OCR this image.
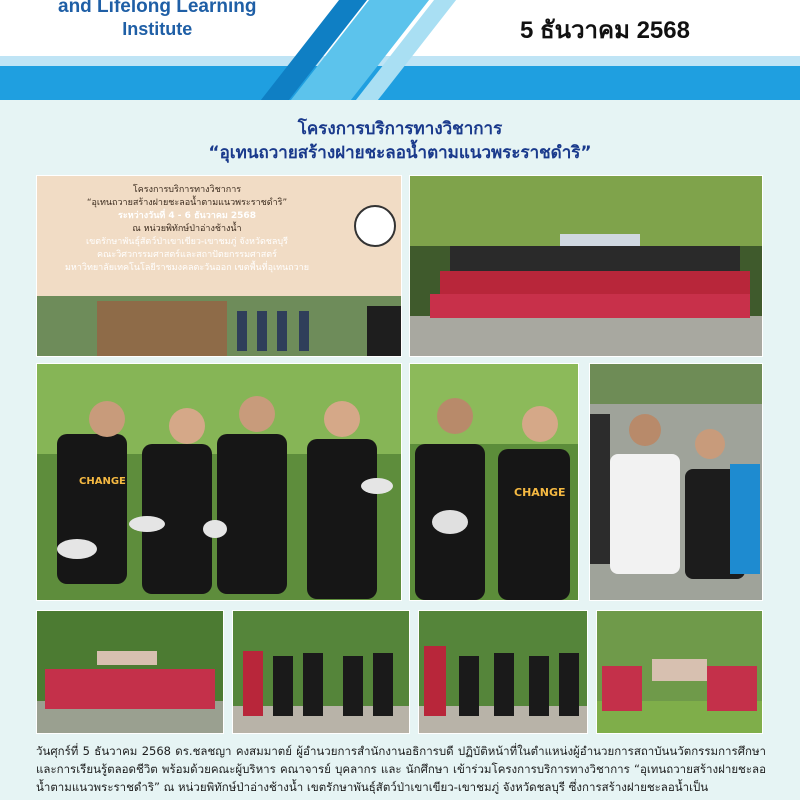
and Lifelong Learning
Institute	5 ธันวาคม 2568
โครงการบริการทางวิชาการ
“อุเทนถวายสร้างฝายชะลอน้ำตามแนวพระราชดำริ”
โครงการบริการทางวิชาการ
“อุเทนถวายสร้างฝายชะลอน้ำตามแนวพระราชดำริ”
ระหว่างวันที่ 4 - 6 ธันวาคม 2568
ณ หน่วยพิทักษ์ป่าอ่างช้างน้ำ
เขตรักษาพันธุ์สัตว์ป่าเขาเขียว-เขาชมภู่ จังหวัดชลบุรี
คณะวิศวกรรมศาสตร์และสถาปัตยกรรมศาสตร์
มหาวิทยาลัยเทคโนโลยีราชมงคลตะวันออก เขตพื้นที่อุเทนถวาย
CHANGE
CHANGE
วันศุกร์ที่ 5 ธันวาคม 2568 ดร.ชลชญา คงสมมาตย์ ผู้อำนวยการสำนักงานอธิการบดี ปฏิบัติหน้าที่ในตำแหน่งผู้อำนวยการสถาบันนวัตกรรมการศึกษาและการเรียนรู้ตลอดชีวิต พร้อมด้วยคณะผู้บริหาร คณาจารย์ บุคลากร และ นักศึกษา เข้าร่วมโครงการบริการทางวิชาการ “อุเทนถวายสร้างฝายชะลอน้ำตามแนวพระราชดำริ” ณ หน่วยพิทักษ์ป่าอ่างช้างน้ำ เขตรักษาพันธุ์สัตว์ป่าเขาเขียว-เขาชมภู่ จังหวัดชลบุรี ซึ่งการสร้างฝายชะลอน้ำเป็น
